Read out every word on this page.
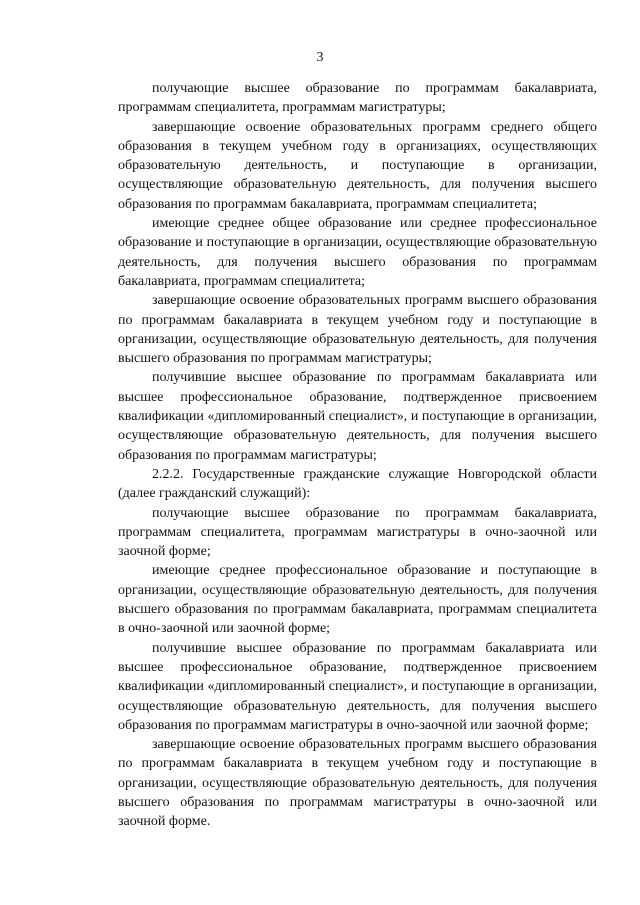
3

получающие высшее образование по программам бакалавриата, программам специалитета, программам магистратуры;

завершающие освоение образовательных программ среднего общего образования в текущем учебном году в организациях, осуществляющих образовательную деятельность, и поступающие в организации, осуществляющие образовательную деятельность, для получения высшего образования по программам бакалавриата, программам специалитета;

имеющие среднее общее образование или среднее профессиональное образование и поступающие в организации, осуществляющие образовательную деятельность, для получения высшего образования по программам бакалавриата, программам специалитета;

завершающие освоение образовательных программ высшего образования по программам бакалавриата в текущем учебном году и поступающие в организации, осуществляющие образовательную деятельность, для получения высшего образования по программам магистратуры;

получившие высшее образование по программам бакалавриата или высшее профессиональное образование, подтвержденное присвоением квалификации «дипломированный специалист», и поступающие в организации, осуществляющие образовательную деятельность, для получения высшего образования по программам магистратуры;

2.2.2. Государственные гражданские служащие Новгородской области (далее гражданский служащий):

получающие высшее образование по программам бакалавриата, программам специалитета, программам магистратуры в очно-заочной или заочной форме;

имеющие среднее профессиональное образование и поступающие в организации, осуществляющие образовательную деятельность, для получения высшего образования по программам бакалавриата, программам специалитета в очно-заочной или заочной форме;

получившие высшее образование по программам бакалавриата или высшее профессиональное образование, подтвержденное присвоением квалификации «дипломированный специалист», и поступающие в организации, осуществляющие образовательную деятельность, для получения высшего образования по программам магистратуры в очно-заочной или заочной форме;

завершающие освоение образовательных программ высшего образования по программам бакалавриата в текущем учебном году и поступающие в организации, осуществляющие образовательную деятельность, для получения высшего образования по программам магистратуры в очно-заочной или заочной форме.
